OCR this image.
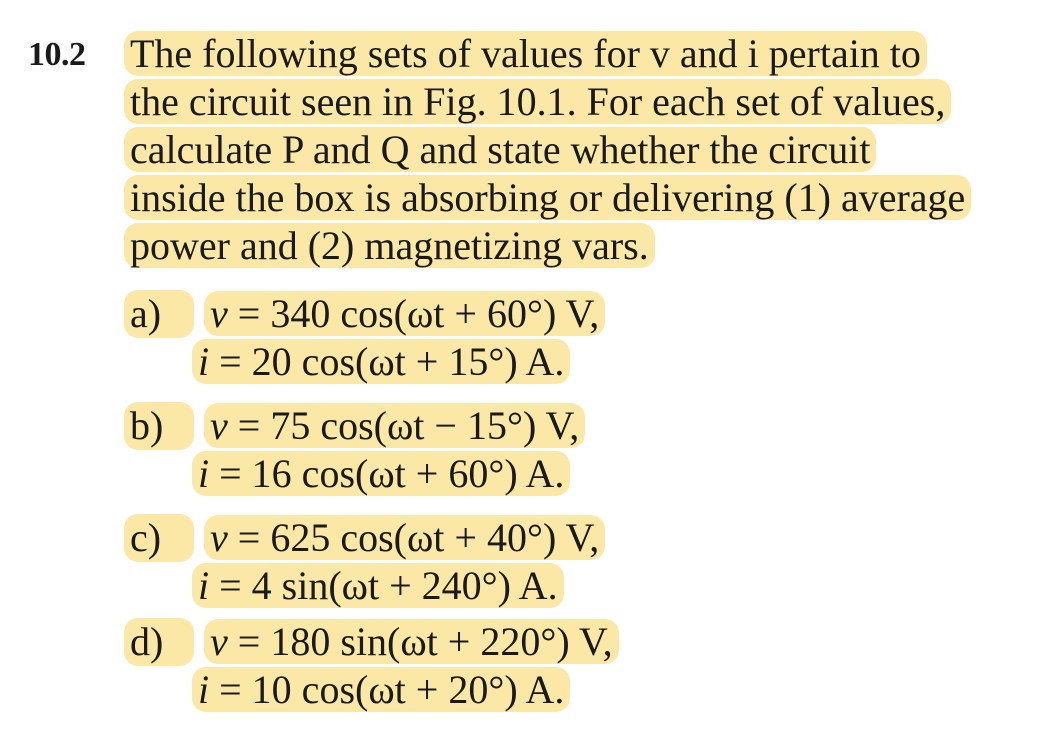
10.2 The following sets of values for v and i pertain to
the circuit seen in Fig. 10.1. For each set of values,
calculate P and Q and state whether the circuit
inside the box is absorbing or delivering (1) average
power and (2) magnetizing vars.
a) v = 340 cos(ωt + 60°) V,
i = 20 cos(ωt + 15°) A.
b) v = 75 cos(ωt − 15°) V,
i = 16 cos(ωt + 60°) A.
c) v = 625 cos(ωt + 40°) V,
i = 4 sin(ωt + 240°) A.
d) v = 180 sin(ωt + 220°) V,
i = 10 cos(ωt + 20°) A.
